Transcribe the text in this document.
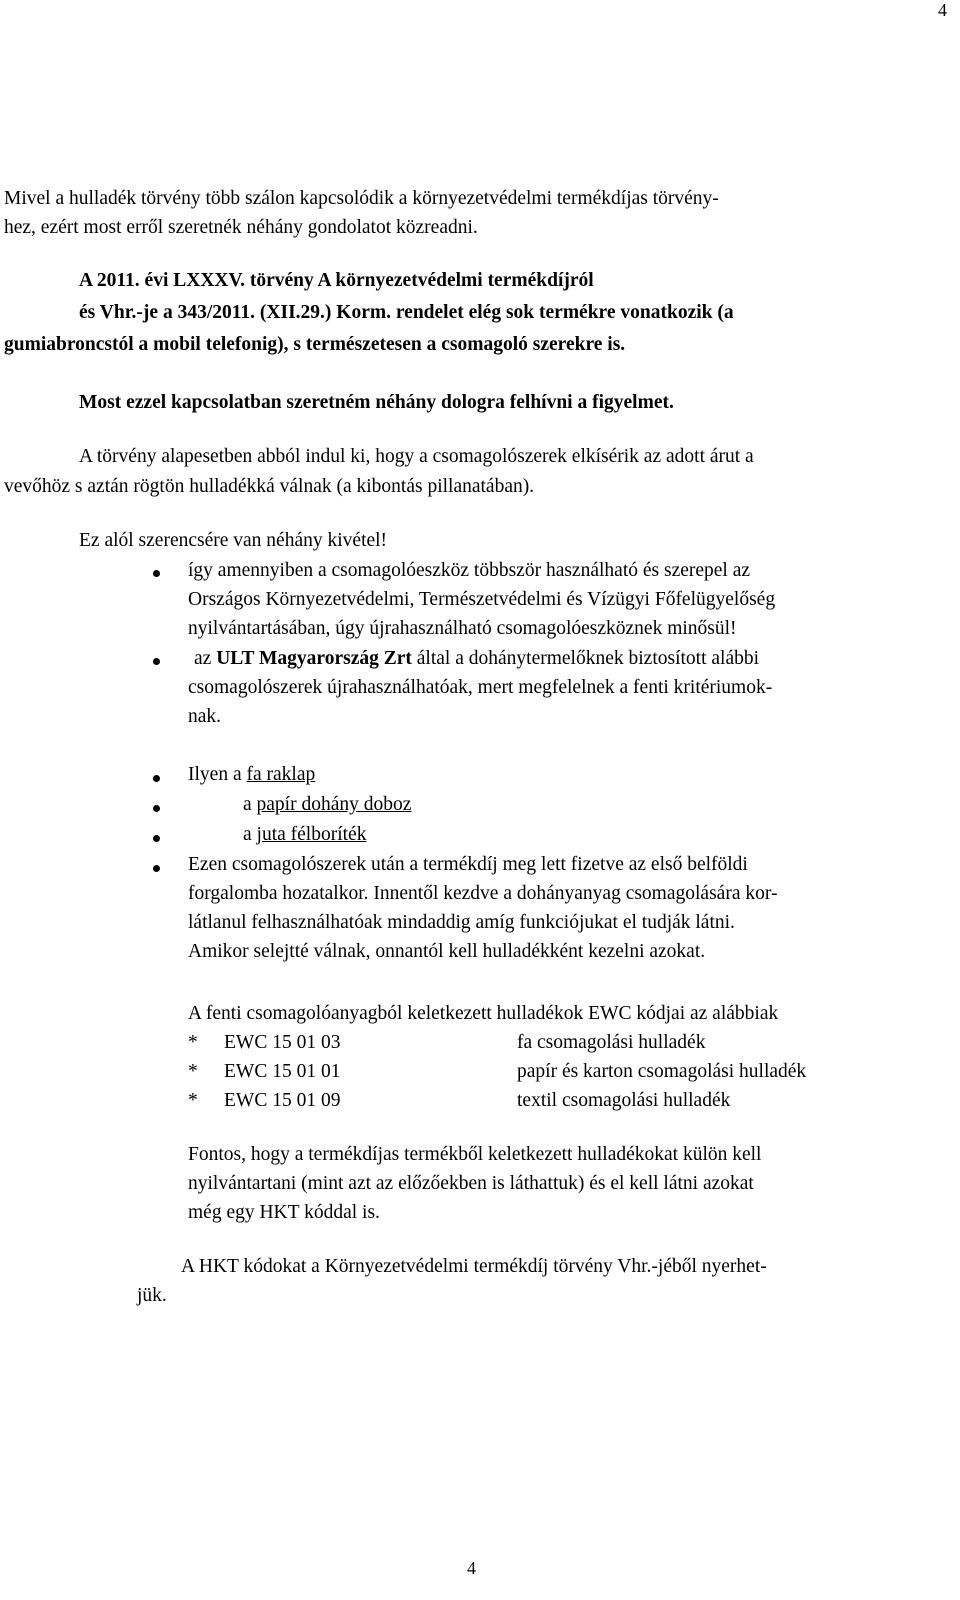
4
Mivel a hulladék törvény több szálon kapcsolódik a környezetvédelmi termékdíjas törvény-
hez, ezért most erről szeretnék néhány gondolatot közreadni.
A 2011. évi LXXXV. törvény A környezetvédelmi termékdíjról
és Vhr.-je a 343/2011. (XII.29.) Korm. rendelet elég sok termékre vonatkozik (a
gumiabroncstól a mobil telefonig), s természetesen a csomagoló szerekre is.
Most ezzel kapcsolatban szeretném néhány dologra felhívni a figyelmet.
A törvény alapesetben abból indul ki, hogy a csomagolószerek elkísérik az adott árut a
vevőhöz s aztán rögtön hulladékká válnak (a kibontás pillanatában).
Ez alól szerencsére van néhány kivétel!
így amennyiben a csomagolóeszköz többször használható és szerepel az
Országos Környezetvédelmi, Természetvédelmi és Vízügyi Főfelügyelőség
nyilvántartásában, úgy újrahasználható csomagolóeszköznek minősül!
az ULT Magyarország Zrt által a dohánytermelőknek biztosított alábbi
csomagolószerek újrahasználhatóak, mert megfelelnek a fenti kritériumok-
nak.
Ilyen a fa raklap
a papír dohány doboz
a juta félboríték
Ezen csomagolószerek után a termékdíj meg lett fizetve az első belföldi
forgalomba hozatalkor. Innentől kezdve a dohányanyag csomagolására kor-
látlanul felhasználhatóak mindaddig amíg funkciójukat el tudják látni.
Amikor selejtté válnak, onnantól kell hulladékként kezelni azokat.
A fenti csomagolóanyagból keletkezett hulladékok EWC kódjai az alábbiak
* EWC 15 01 03	fa csomagolási hulladék
* EWC 15 01 01	papír és karton csomagolási hulladék
* EWC 15 01 09	textil csomagolási hulladék
Fontos, hogy a termékdíjas termékből keletkezett hulladékokat külön kell
nyilvántartani (mint azt az előzőekben is láthattuk) és el kell látni azokat
még egy HKT kóddal is.
A HKT kódokat a Környezetvédelmi termékdíj törvény Vhr.-jéből nyerhet-
jük.
4
